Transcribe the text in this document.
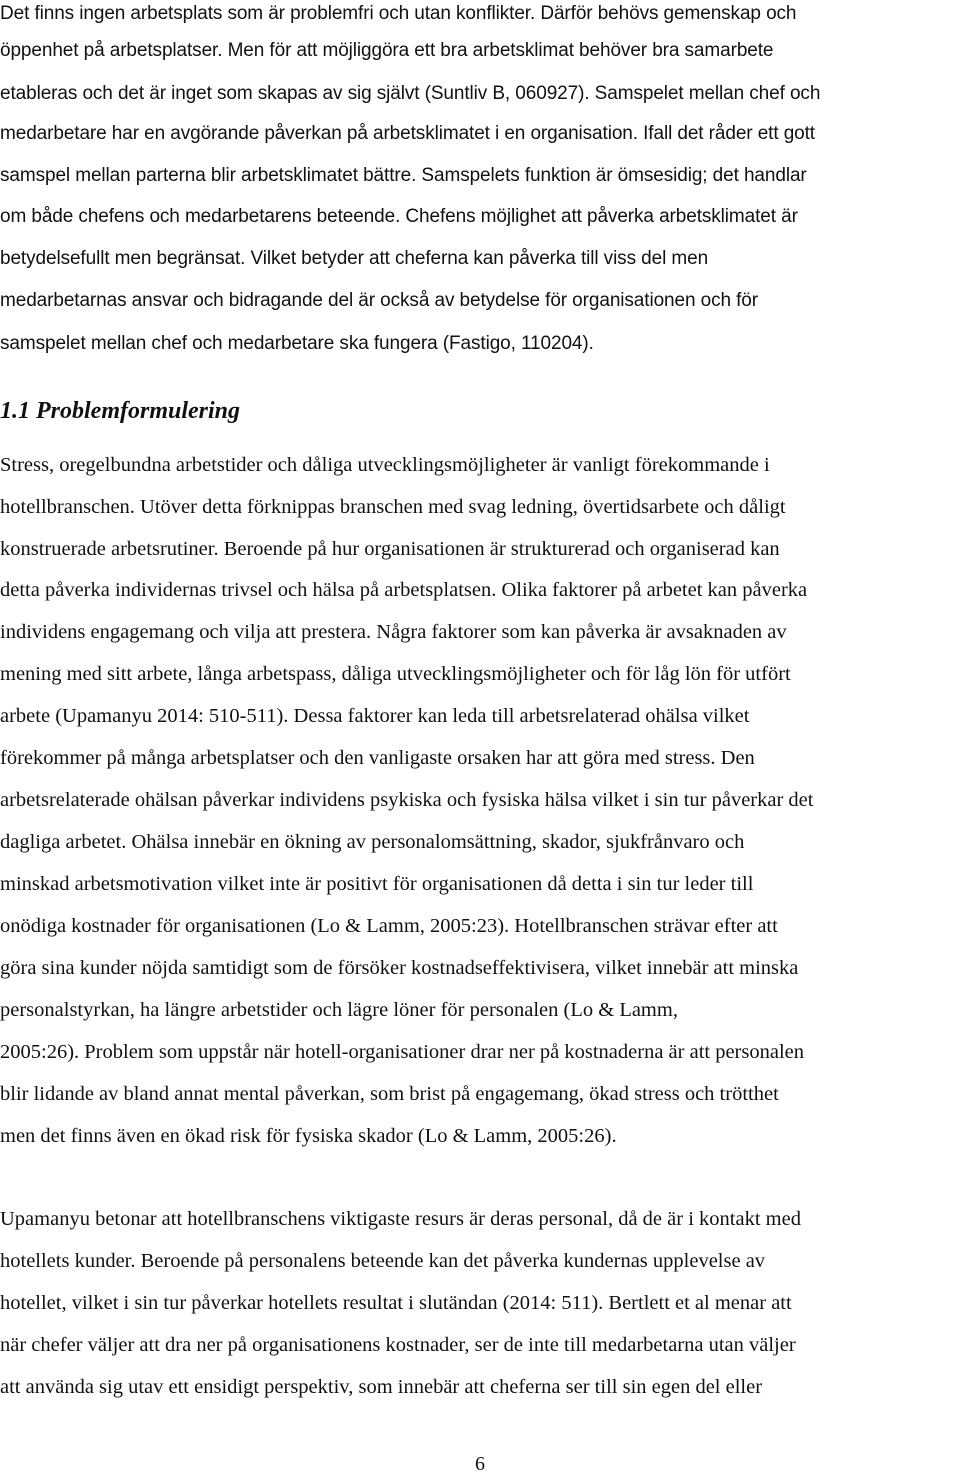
Det finns ingen arbetsplats som är problemfri och utan konflikter. Därför behövs gemenskap och
öppenhet på arbetsplatser. Men för att möjliggöra ett bra arbetsklimat behöver bra samarbete
etableras och det är inget som skapas av sig självt (Suntliv B, 060927). Samspelet mellan chef och
medarbetare har en avgörande påverkan på arbetsklimatet i en organisation. Ifall det råder ett gott
samspel mellan parterna blir arbetsklimatet bättre. Samspelets funktion är ömsesidig; det handlar
om både chefens och medarbetarens beteende. Chefens möjlighet att påverka arbetsklimatet är
betydelsefullt men begränsat. Vilket betyder att cheferna kan påverka till viss del men
medarbetarnas ansvar och bidragande del är också av betydelse för organisationen och för
samspelet mellan chef och medarbetare ska fungera (Fastigo, 110204).
1.1 Problemformulering
Stress, oregelbundna arbetstider och dåliga utvecklingsmöjligheter är vanligt förekommande i
hotellbranschen. Utöver detta förknippas branschen med svag ledning, övertidsarbete och dåligt
konstruerade arbetsrutiner. Beroende på hur organisationen är strukturerad och organiserad kan
detta påverka individernas trivsel och hälsa på arbetsplatsen. Olika faktorer på arbetet kan påverka
individens engagemang och vilja att prestera. Några faktorer som kan påverka är avsaknaden av
mening med sitt arbete, långa arbetspass, dåliga utvecklingsmöjligheter och för låg lön för utfört
arbete (Upamanyu 2014: 510-511). Dessa faktorer kan leda till arbetsrelaterad ohälsa vilket
förekommer på många arbetsplatser och den vanligaste orsaken har att göra med stress. Den
arbetsrelaterade ohälsan påverkar individens psykiska och fysiska hälsa vilket i sin tur påverkar det
dagliga arbetet. Ohälsa innebär en ökning av personalomsättning, skador, sjukfrånvaro och
minskad arbetsmotivation vilket inte är positivt för organisationen då detta i sin tur leder till
onödiga kostnader för organisationen (Lo & Lamm, 2005:23). Hotellbranschen strävar efter att
göra sina kunder nöjda samtidigt som de försöker kostnadseffektivisera, vilket innebär att minska
personalstyrkan, ha längre arbetstider och lägre löner för personalen (Lo & Lamm,
2005:26). Problem som uppstår när hotell-organisationer drar ner på kostnaderna är att personalen
blir lidande av bland annat mental påverkan, som brist på engagemang, ökad stress och trötthet
men det finns även en ökad risk för fysiska skador (Lo & Lamm, 2005:26).
Upamanyu betonar att hotellbranschens viktigaste resurs är deras personal, då de är i kontakt med
hotellets kunder. Beroende på personalens beteende kan det påverka kundernas upplevelse av
hotellet, vilket i sin tur påverkar hotellets resultat i slutändan (2014: 511). Bertlett et al menar att
när chefer väljer att dra ner på organisationens kostnader, ser de inte till medarbetarna utan väljer
att använda sig utav ett ensidigt perspektiv, som innebär att cheferna ser till sin egen del eller
6
